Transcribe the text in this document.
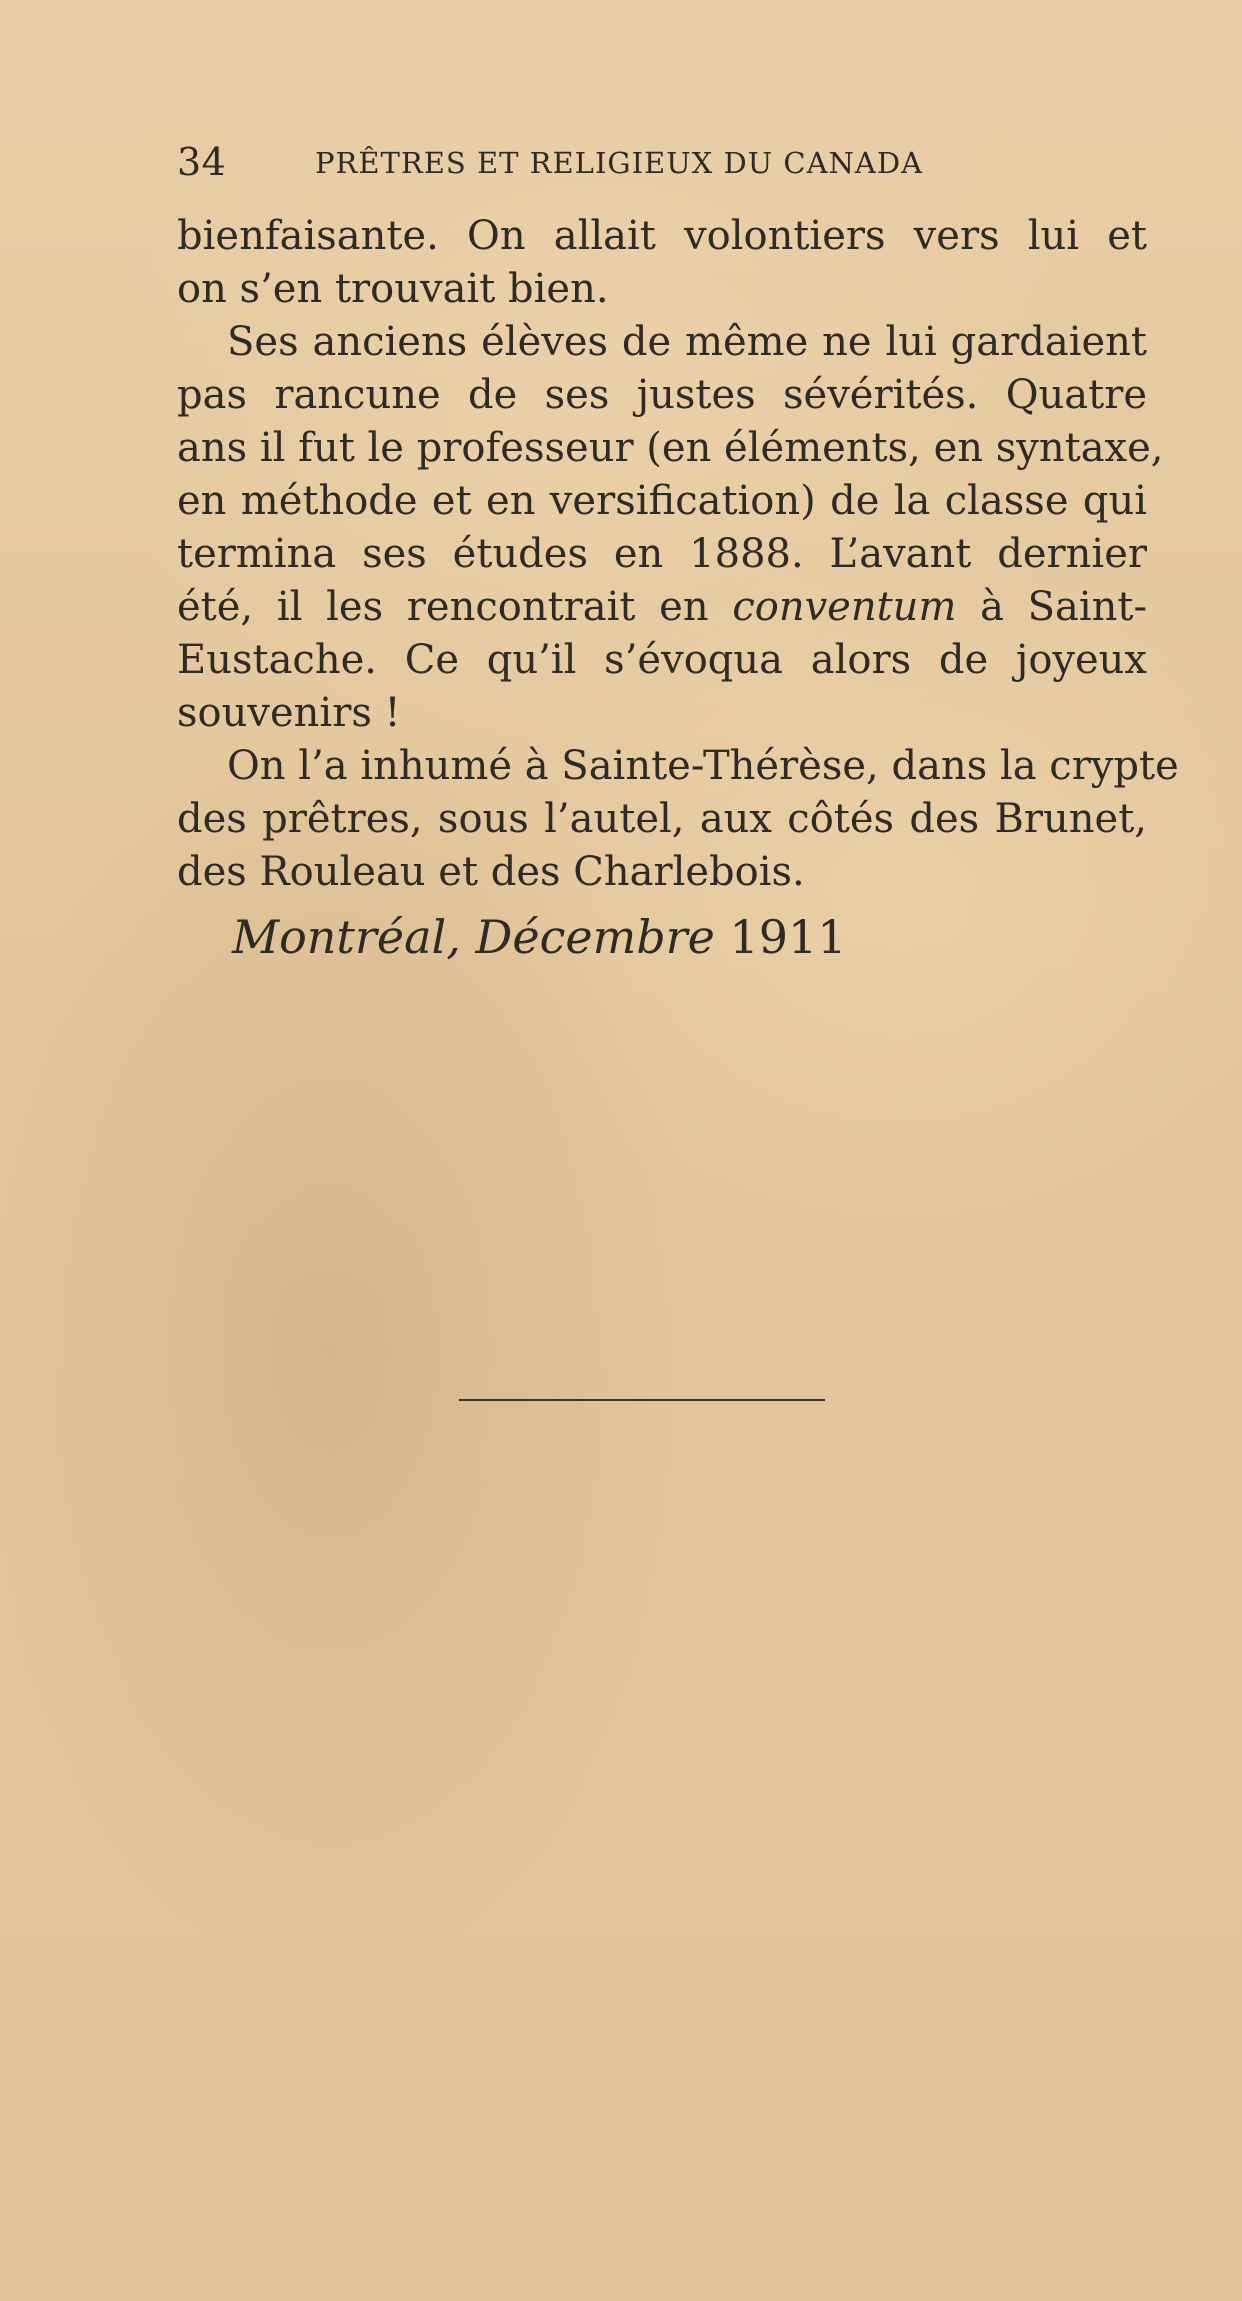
34	PRÊTRES ET RELIGIEUX DU CANADA
bienfaisante. On allait volontiers vers lui et
on s’en trouvait bien.
Ses anciens élèves de même ne lui gardaient
pas rancune de ses justes sévérités. Quatre
ans il fut le professeur (en éléments, en syntaxe,
en méthode et en versification) de la classe qui
termina ses études en 1888. L’avant dernier
été, il les rencontrait en conventum à Saint-
Eustache. Ce qu’il s’évoqua alors de joyeux
souvenirs !
On l’a inhumé à Sainte-Thérèse, dans la crypte
des prêtres, sous l’autel, aux côtés des Brunet,
des Rouleau et des Charlebois.
Montréal, Décembre 1911
